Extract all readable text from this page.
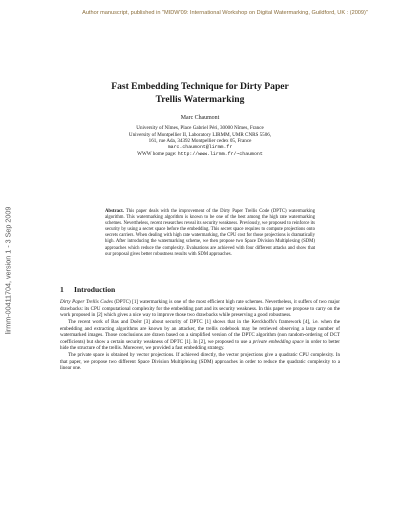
Author manuscript, published in "MIDW'09: International Workshop on Digital Watermarking, Guildford, UK : (2009)"
lirmm-00411704, version 1 - 3 Sep 2009
Fast Embedding Technique for Dirty Paper
Trellis Watermarking
Marc Chaumont
University of Nîmes, Place Gabriel Péri, 30000 Nîmes, France
University of Montpellier II, Laboratory LIRMM, UMR CNRS 5506,
161, rue Ada, 34392 Montpellier cedex 05, France
marc.chaumont@lirmm.fr
WWW home page: http://www.lirmm.fr/~chaumont
Abstract. This paper deals with the improvement of the Dirty Paper Trellis Code (DPTC) watermarking algorithm. This watermarking algorithm is known to be one of the best among the high rate watermarking schemes. Nevertheless, recent researches reveal its security weakness. Previously, we proposed to reinforce its security by using a secret space before the embedding. This secret space requires to compute projections onto secrets carriers. When dealing with high rate watermarking, the CPU cost for those projections is dramatically high. After introducing the watermarking scheme, we then propose two Space Division Multiplexing (SDM) approaches which reduce the complexity. Evaluations are achieved with four different attacks and show that our proposal gives better robustness results with SDM approaches.
1 Introduction

Dirty Paper Trellis Codes (DPTC) [1] watermarking is one of the most efficient high rate schemes. Nevertheless, it suffers of two major drawbacks: its CPU computational complexity for the embedding part and its security weakness. In this paper we propose to carry on the work proposed in [2] which gives a nice way to improve those two drawbacks while preserving a good robustness.

The recent work of Bas and Doërr [3] about security of DPTC [1] shows that in the Kerckhoffs's framework [4], i.e. when the embedding and extracting algorithms are known by an attacker, the trellis codebook may be retrieved observing a large number of watermarked images. Those conclusions are drawn based on a simplified version of the DPTC algorithm (non random-ordering of DCT coefficients) but show a certain security weakness of DPTC [1]. In [2], we proposed to use a private embedding space in order to better hide the structure of the trellis. Moreover, we provided a fast embedding strategy.

The private space is obtained by vector projections. If achieved directly, the vector projections give a quadratic CPU complexity. In that paper, we propose two different Space Division Multiplexing (SDM) approaches in order to reduce the quadratic complexity to a linear one.
